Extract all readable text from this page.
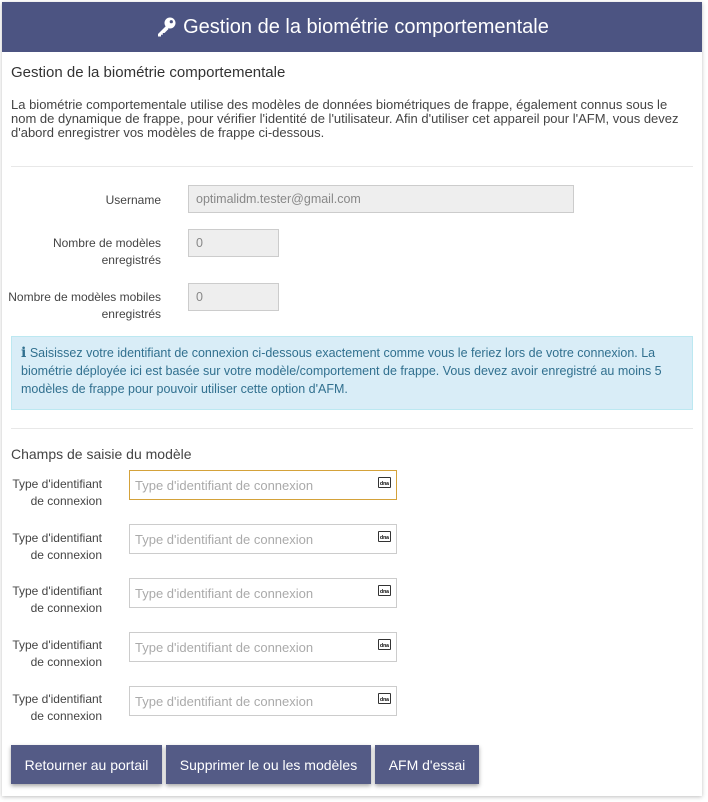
Gestion de la biométrie comportementale
Gestion de la biométrie comportementale
La biométrie comportementale utilise des modèles de données biométriques de frappe, également connus sous le nom de dynamique de frappe, pour vérifier l'identité de l'utilisateur. Afin d'utiliser cet appareil pour l'AFM, vous devez d'abord enregistrer vos modèles de frappe ci-dessous.
Username	optimalidm.tester@gmail.com
Nombre de modèles
enregistrés
0
Nombre de modèles mobiles
enregistrés
0
i Saisissez votre identifiant de connexion ci-dessous exactement comme vous le feriez lors de votre connexion. La biométrie déployée ici est basée sur votre modèle/comportement de frappe. Vous devez avoir enregistré au moins 5 modèles de frappe pour pouvoir utiliser cette option d'AFM.
Champs de saisie du modèle
Type d'identifiant
de connexion
Type d'identifiant de connexion	dna
Type d'identifiant
de connexion
Type d'identifiant de connexion	dna
Type d'identifiant
de connexion
Type d'identifiant de connexion	dna
Type d'identifiant
de connexion
Type d'identifiant de connexion	dna
Type d'identifiant
de connexion
Type d'identifiant de connexion	dna
Retourner au portail	Supprimer le ou les modèles	AFM d'essai
